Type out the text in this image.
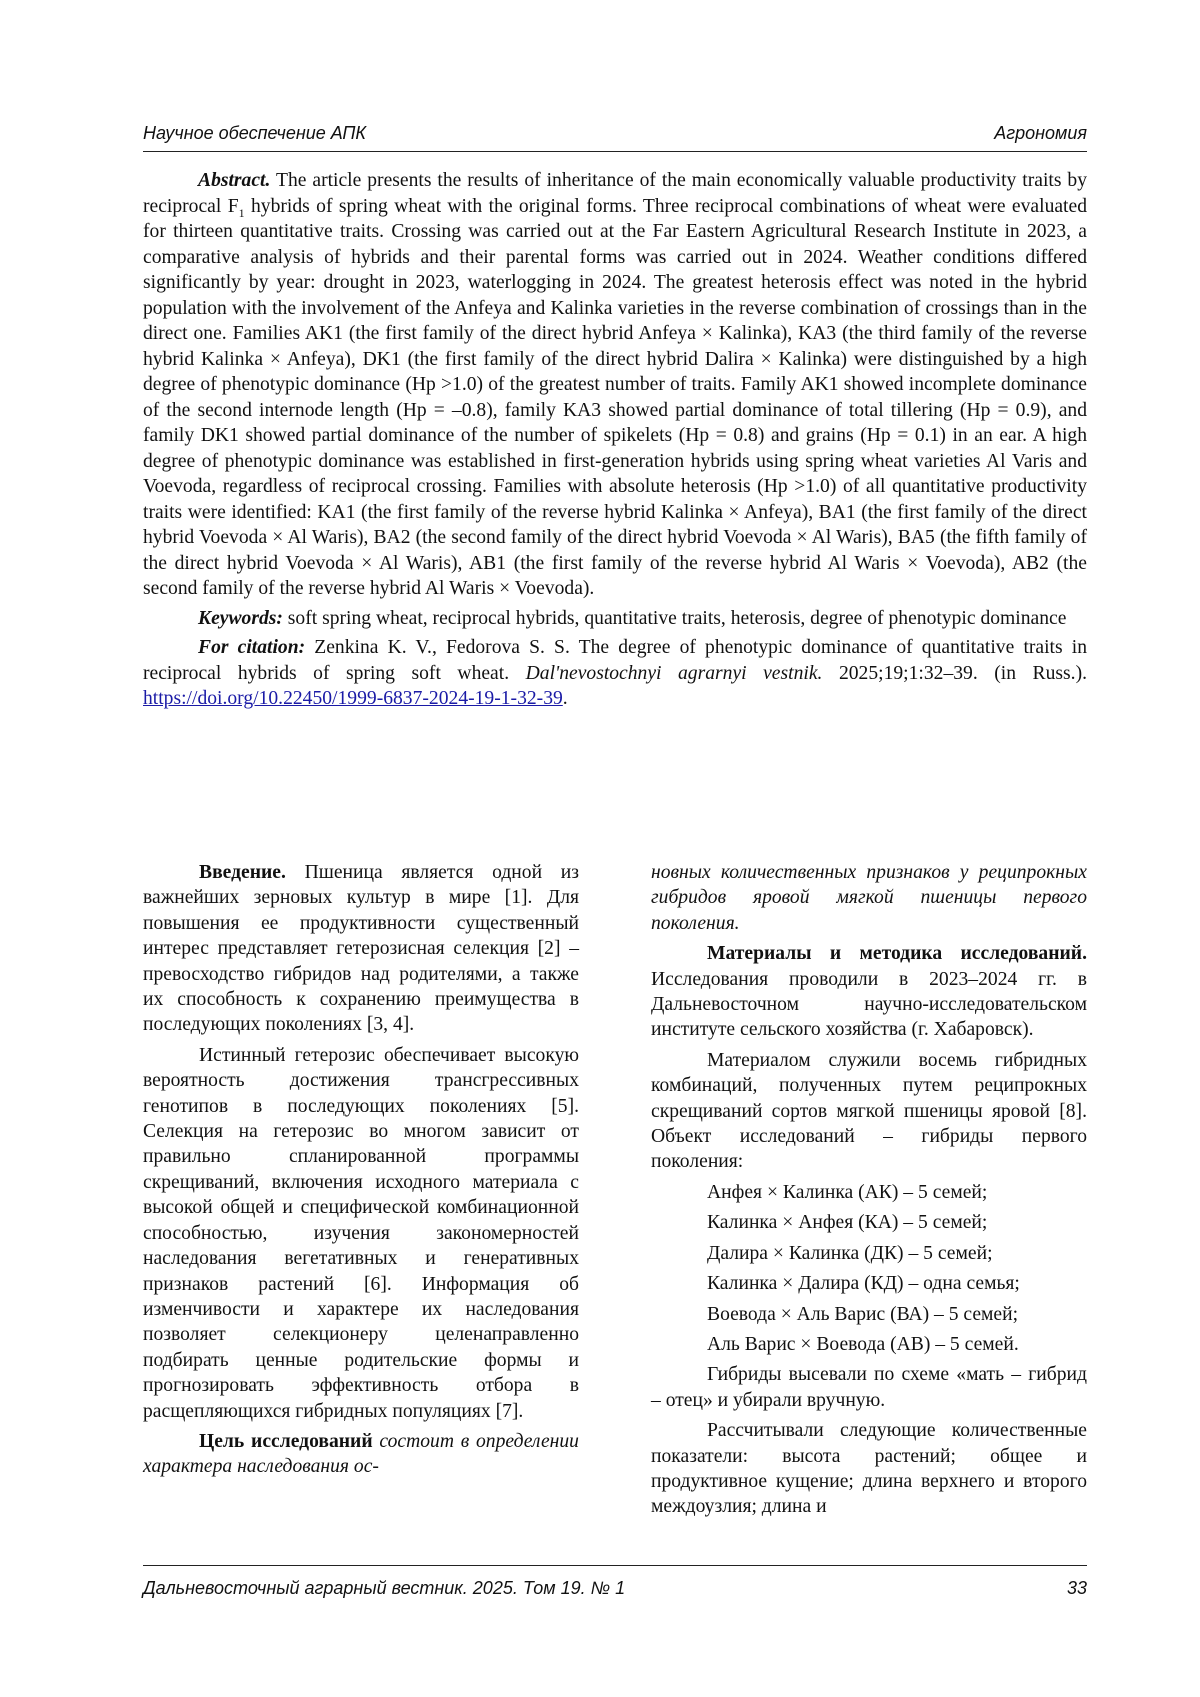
Научное обеспечение АПК	Агрономия

Abstract. The article presents the results of inheritance of the main economically valuable productivity traits by reciprocal $F_1$ hybrids of spring wheat with the original forms. Three reciprocal combinations of wheat were evaluated for thirteen quantitative traits. Crossing was carried out at the Far Eastern Agricultural Research Institute in 2023, a comparative analysis of hybrids and their parental forms was carried out in 2024. Weather conditions differed significantly by year: drought in 2023, waterlogging in 2024. The greatest heterosis effect was noted in the hybrid population with the involvement of the Anfeya and Kalinka varieties in the reverse combination of crossings than in the direct one. Families AK1 (the first family of the direct hybrid Anfeya × Kalinka), KA3 (the third family of the reverse hybrid Kalinka × Anfeya), DK1 (the first family of the direct hybrid Dalira × Kalinka) were distinguished by a high degree of phenotypic dominance (Hp >1.0) of the greatest number of traits. Family AK1 showed incomplete dominance of the second internode length (Hp = –0.8), family KA3 showed partial dominance of total tillering (Hp = 0.9), and family DK1 showed partial dominance of the number of spikelets (Hp = 0.8) and grains (Hp = 0.1) in an ear. A high degree of phenotypic dominance was established in first-generation hybrids using spring wheat varieties Al Varis and Voevoda, regardless of reciprocal crossing. Families with absolute heterosis (Hp >1.0) of all quantitative productivity traits were identified: KA1 (the first family of the reverse hybrid Kalinka × Anfeya), BA1 (the first family of the direct hybrid Voevoda × Al Waris), BA2 (the second family of the direct hybrid Voevoda × Al Waris), BA5 (the fifth family of the direct hybrid Voevoda × Al Waris), AB1 (the first family of the reverse hybrid Al Waris × Voevoda), AB2 (the second family of the reverse hybrid Al Waris × Voevoda).

Keywords: soft spring wheat, reciprocal hybrids, quantitative traits, heterosis, degree of phenotypic dominance

For citation: Zenkina K. V., Fedorova S. S. The degree of phenotypic dominance of quantitative traits in reciprocal hybrids of spring soft wheat. Dal'nevostochnyi agrarnyi vestnik. 2025;19;1:32–39. (in Russ.). https://doi.org/10.22450/1999-6837-2024-19-1-32-39.

Введение. Пшеница является одной из важнейших зерновых культур в мире [1]. Для повышения ее продуктивности существенный интерес представляет гетерозисная селекция [2] – превосходство гибридов над родителями, а также их способность к сохранению преимущества в последующих поколениях [3, 4].

Истинный гетерозис обеспечивает высокую вероятность достижения трансгрессивных генотипов в последующих поколениях [5]. Селекция на гетерозис во многом зависит от правильно спланированной программы скрещиваний, включения исходного материала с высокой общей и специфической комбинационной способностью, изучения закономерностей наследования вегетативных и генеративных признаков растений [6]. Информация об изменчивости и характере их наследования позволяет селекционеру целенаправленно подбирать ценные родительские формы и прогнозировать эффективность отбора в расщепляющихся гибридных популяциях [7].

Цель исследований состоит в определении характера наследования ос-

новных количественных признаков у реципрокных гибридов яровой мягкой пшеницы первого поколения.

Материалы и методика исследований. Исследования проводили в 2023–2024 гг. в Дальневосточном научно-исследовательском институте сельского хозяйства (г. Хабаровск).

Материалом служили восемь гибридных комбинаций, полученных путем реципрокных скрещиваний сортов мягкой пшеницы яровой [8]. Объект исследований – гибриды первого поколения:

Анфея × Калинка (АК) – 5 семей;

Калинка × Анфея (КА) – 5 семей;

Далира × Калинка (ДК) – 5 семей;

Калинка × Далира (КД) – одна семья;

Воевода × Аль Варис (ВА) – 5 семей;

Аль Варис × Воевода (АВ) – 5 семей.

Гибриды высевали по схеме «мать – гибрид – отец» и убирали вручную.

Рассчитывали следующие количественные показатели: высота растений; общее и продуктивное кущение; длина верхнего и второго междоузлия; длина и

Дальневосточный аграрный вестник. 2025. Том 19. № 1	33
